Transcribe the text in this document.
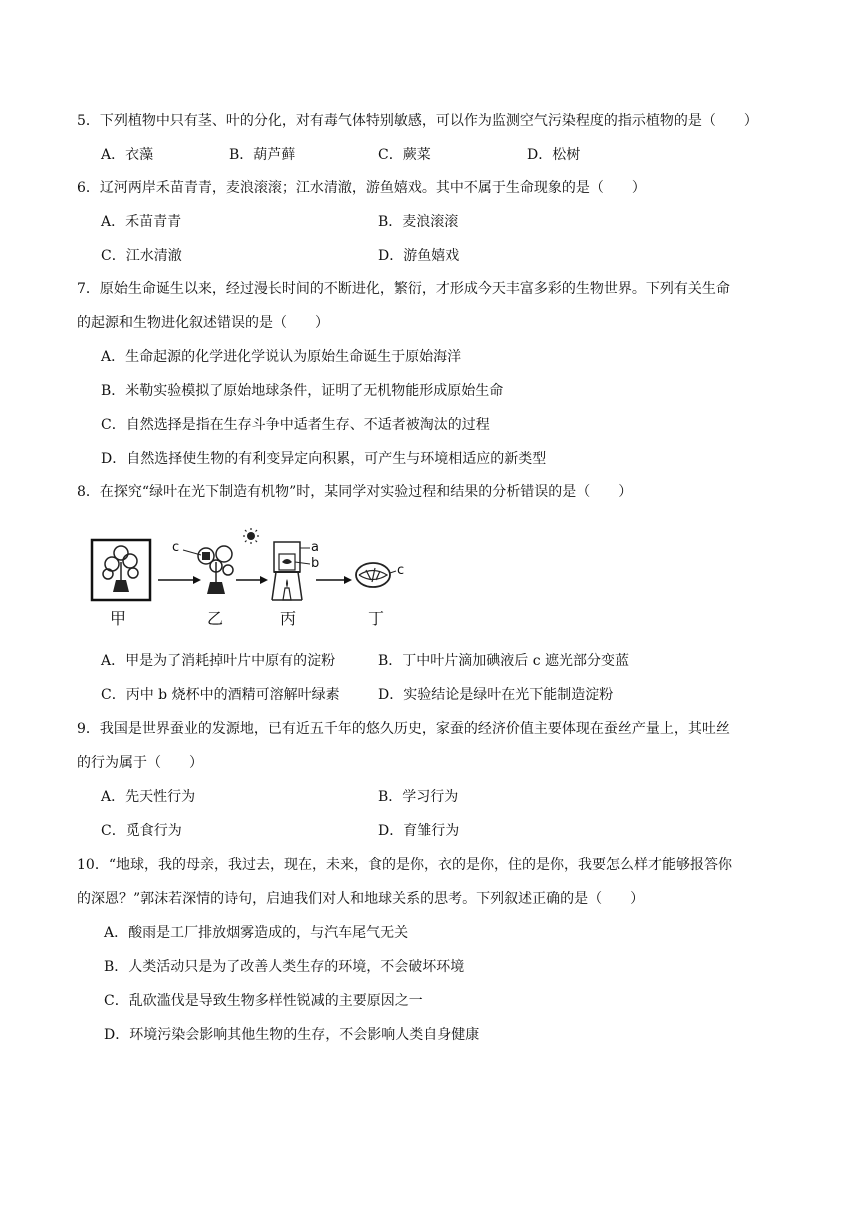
5．下列植物中只有茎、叶的分化，对有毒气体特别敏感，可以作为监测空气污染程度的指示植物的是（　　）
A．衣藻	B．葫芦藓	C．蕨菜	D．松树
6．辽河两岸禾苗青青，麦浪滚滚；江水清澈，游鱼嬉戏。其中不属于生命现象的是（　　）
A．禾苗青青	B．麦浪滚滚
C．江水清澈	D．游鱼嬉戏
7．原始生命诞生以来，经过漫长时间的不断进化，繁衍，才形成今天丰富多彩的生物世界。下列有关生命
的起源和生物进化叙述错误的是（　　）
A．生命起源的化学进化学说认为原始生命诞生于原始海洋
B．米勒实验模拟了原始地球条件，证明了无机物能形成原始生命
C．自然选择是指在生存斗争中适者生存、不适者被淘汰的过程
D．自然选择使生物的有利变异定向积累，可产生与环境相适应的新类型
8．在探究“绿叶在光下制造有机物”时，某同学对实验过程和结果的分析错误的是（　　）
c	a
b	c
甲	乙	丙	丁
A．甲是为了消耗掉叶片中原有的淀粉	B．丁中叶片滴加碘液后 c 遮光部分变蓝
C．丙中 b 烧杯中的酒精可溶解叶绿素	D．实验结论是绿叶在光下能制造淀粉
9．我国是世界蚕业的发源地，已有近五千年的悠久历史，家蚕的经济价值主要体现在蚕丝产量上，其吐丝
的行为属于（　　）
A．先天性行为	B．学习行为
C．觅食行为	D．育雏行为
10．“地球，我的母亲，我过去，现在，未来，食的是你，衣的是你，住的是你，我要怎么样才能够报答你
的深恩？”郭沫若深情的诗句，启迪我们对人和地球关系的思考。下列叙述正确的是（　　）
A．酸雨是工厂排放烟雾造成的，与汽车尾气无关
B．人类活动只是为了改善人类生存的环境，不会破坏环境
C．乱砍滥伐是导致生物多样性锐减的主要原因之一
D．环境污染会影响其他生物的生存，不会影响人类自身健康
